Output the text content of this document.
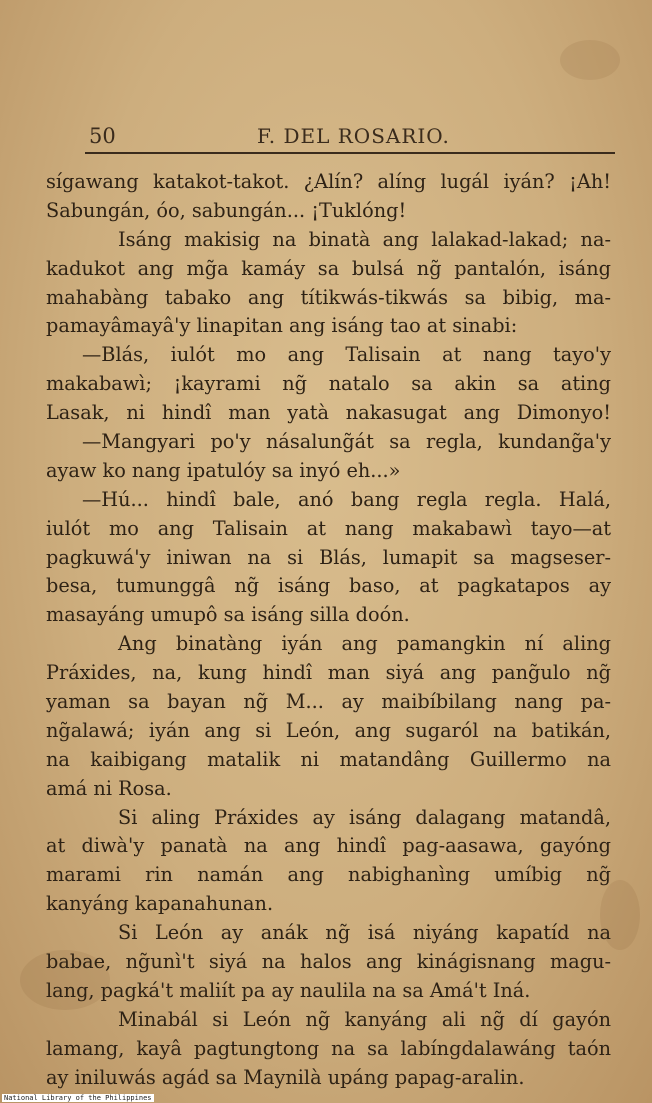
50	F. DEL ROSARIO.
sígawang katakot-takot. ¿Alín? alíng lugál iyán? ¡Ah!
Sabungán, óo, sabungán... ¡Tuklóng!
Isáng makisig na binatà ang lalakad-lakad; na-
kadukot ang mg̃a kamáy sa bulsá ng̃ pantalón, isáng
mahabàng tabako ang títikwás-tikwás sa bibig, ma-
pamayâmayâ'y linapitan ang isáng tao at sinabi:
—Blás, iulót mo ang Talisain at nang tayo'y
makabawì; ¡kayrami ng̃ natalo sa akin sa ating
Lasak, ni hindî man yatà nakasugat ang Dimonyo!
—Mangyari po'y násalung̃át sa regla, kundang̃a'y
ayaw ko nang ipatulóy sa inyó eh...»
—Hú... hindî bale, anó bang regla regla. Halá,
iulót mo ang Talisain at nang makabawì tayo—at
pagkuwá'y iniwan na si Blás, lumapit sa magseser-
besa, tumunggâ ng̃ isáng baso, at pagkatapos ay
masayáng umupô sa isáng silla doón.
Ang binatàng iyán ang pamangkin ní aling
Práxides, na, kung hindî man siyá ang pang̃ulo ng̃
yaman sa bayan ng̃ M... ay maibíbilang nang pa-
ng̃alawá; iyán ang si León, ang sugaról na batikán,
na kaibigang matalik ni matandâng Guillermo na
amá ni Rosa.
Si aling Práxides ay isáng dalagang matandâ,
at diwà'y panatà na ang hindî pag-aasawa, gayóng
marami rin namán ang nabighanìng umíbig ng̃
kanyáng kapanahunan.
Si León ay anák ng̃ isá niyáng kapatíd na
babae, ng̃unì't siyá na halos ang kinágisnang magu-
lang, pagká't maliít pa ay naulila na sa Amá't Iná.
Minabál si León ng̃ kanyáng ali ng̃ dí gayón
lamang, kayâ pagtungtong na sa labíngdalawáng taón
ay iniluwás agád sa Maynilà upáng papag-aralin.
National Library of the Philippines
